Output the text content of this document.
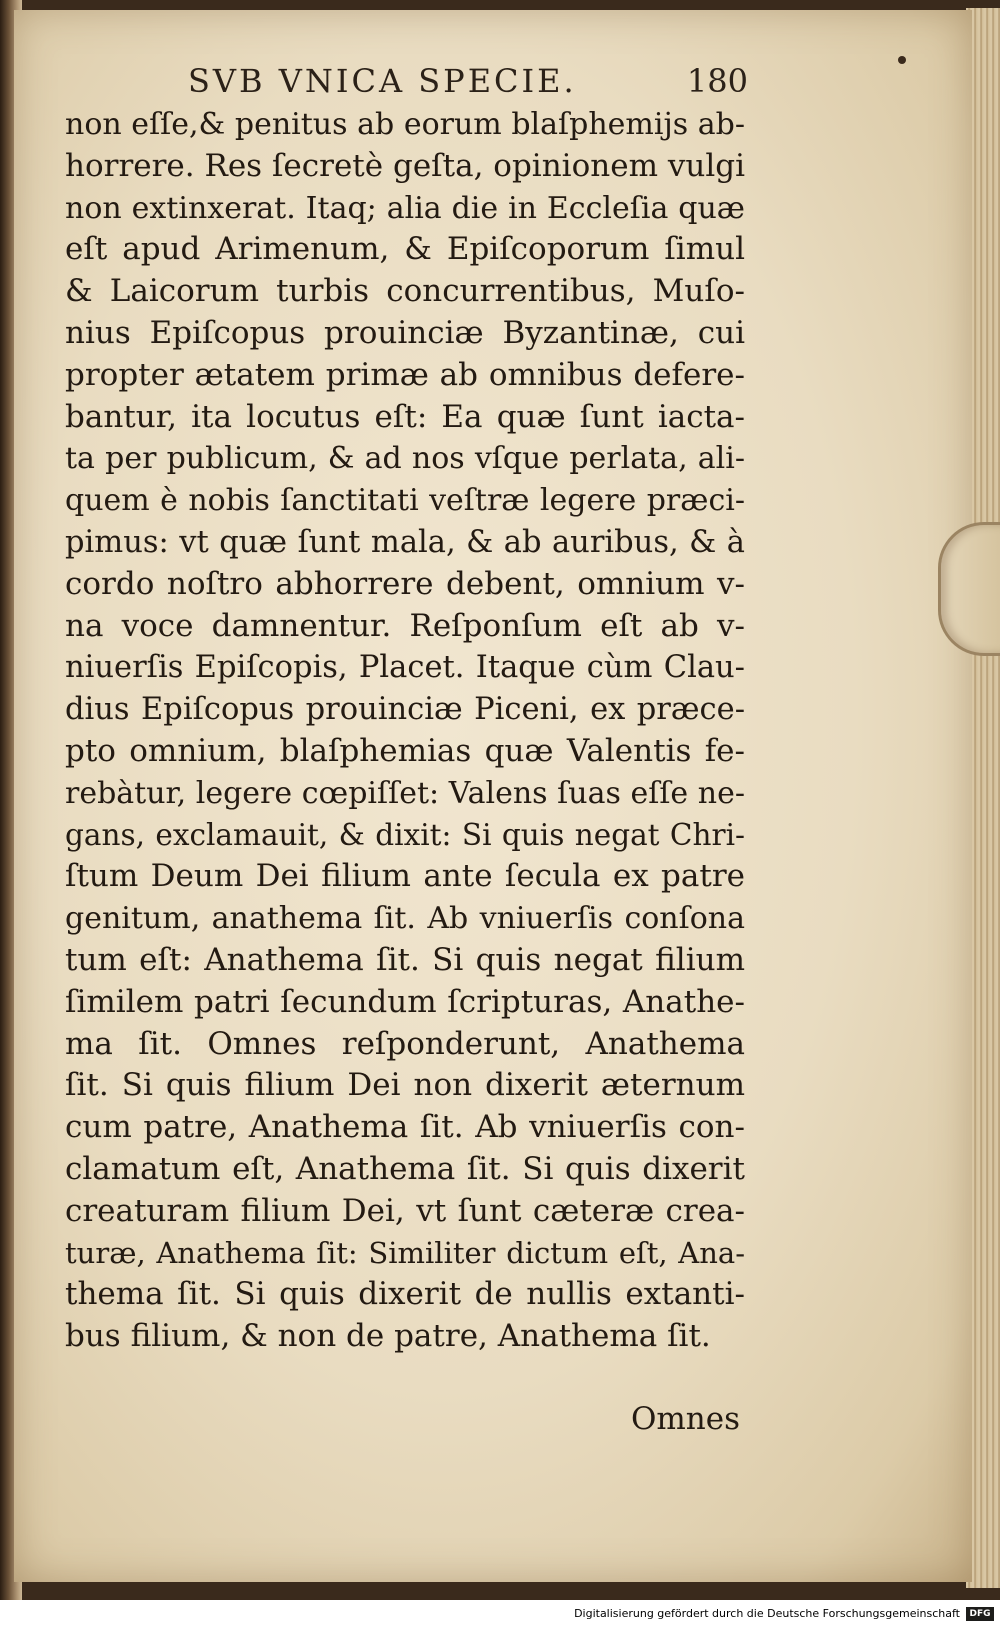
SVB VNICA SPECIE.	180
non eſſe,& penitus ab eorum blaſphemijs ab-
horrere. Res ſecretè geſta, opinionem vulgi
non extinxerat. Itaq; alia die in Eccleſia quæ
eſt apud Arimenum, & Epiſcoporum ſimul
& Laicorum turbis concurrentibus, Muſo-
nius Epiſcopus prouinciæ Byzantinæ, cui
propter ætatem primæ ab omnibus defere-
bantur, ita locutus eſt: Ea quæ ſunt iacta-
ta per publicum, & ad nos vſque perlata, ali-
quem è nobis ſanctitati veſtræ legere præci-
pimus: vt quæ ſunt mala, & ab auribus, & à
cordo noſtro abhorrere debent, omnium v-
na voce damnentur. Reſponſum eſt ab v-
niuerſis Epiſcopis, Placet. Itaque cùm Clau-
dius Epiſcopus prouinciæ Piceni, ex præce-
pto omnium, blaſphemias quæ Valentis fe-
rebàtur, legere cœpiſſet: Valens ſuas eſſe ne-
gans, exclamauit, & dixit: Si quis negat Chri-
ſtum Deum Dei filium ante ſecula ex patre
genitum, anathema ſit. Ab vniuerſis conſona
tum eſt: Anathema ſit. Si quis negat filium
ſimilem patri ſecundum ſcripturas, Anathe-
ma ſit. Omnes reſponderunt, Anathema
ſit. Si quis filium Dei non dixerit æternum
cum patre, Anathema ſit. Ab vniuerſis con-
clamatum eſt, Anathema ſit. Si quis dixerit
creaturam filium Dei, vt ſunt cæteræ crea-
turæ, Anathema ſit: Similiter dictum eſt, Ana-
thema ſit. Si quis dixerit de nullis extanti-
bus filium, & non de patre, Anathema ſit.
Omnes
Digitalisierung gefördert durch die Deutsche Forschungsgemeinschaft	DFG
